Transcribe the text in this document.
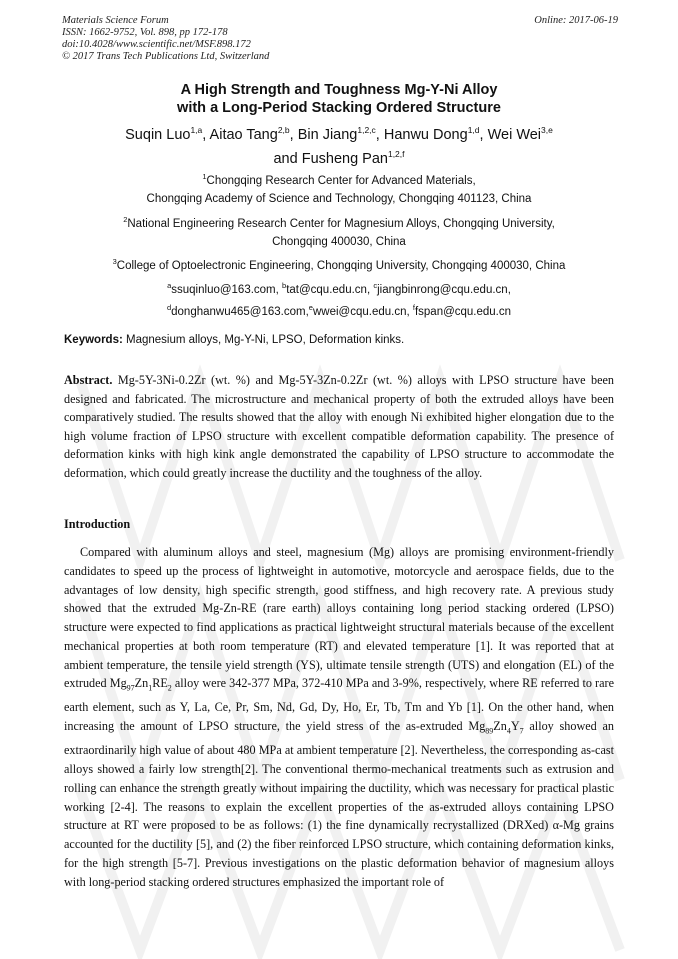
Materials Science Forum
ISSN: 1662-9752, Vol. 898, pp 172-178
doi:10.4028/www.scientific.net/MSF.898.172
© 2017 Trans Tech Publications Ltd, Switzerland
Online: 2017-06-19
A High Strength and Toughness Mg-Y-Ni Alloy
with a Long-Period Stacking Ordered Structure
Suqin Luo$^{1,a}$, Aitao Tang$^{2,b}$, Bin Jiang$^{1,2,c}$, Hanwu Dong$^{1,d}$, Wei Wei$^{3,e}$
and Fusheng Pan$^{1,2,f}$
$^1$Chongqing Research Center for Advanced Materials,
Chongqing Academy of Science and Technology, Chongqing 401123, China
$^2$National Engineering Research Center for Magnesium Alloys, Chongqing University,
Chongqing 400030, China
$^3$College of Optoelectronic Engineering, Chongqing University, Chongqing 400030, China
$^a$ssuqinluo@163.com, $^b$tat@cqu.edu.cn, $^c$jiangbinrong@cqu.edu.cn,
$^d$donghanwu465@163.com,$^e$wwei@cqu.edu.cn, $^f$fspan@cqu.edu.cn
Keywords: Magnesium alloys, Mg-Y-Ni, LPSO, Deformation kinks.
Abstract. Mg-5Y-3Ni-0.2Zr (wt. %) and Mg-5Y-3Zn-0.2Zr (wt. %) alloys with LPSO structure have been designed and fabricated. The microstructure and mechanical property of both the extruded alloys have been comparatively studied. The results showed that the alloy with enough Ni exhibited higher elongation due to the high volume fraction of LPSO structure with excellent compatible deformation capability. The presence of deformation kinks with high kink angle demonstrated the capability of LPSO structure to accommodate the deformation, which could greatly increase the ductility and the toughness of the alloy.
Introduction
Compared with aluminum alloys and steel, magnesium (Mg) alloys are promising environment-friendly candidates to speed up the process of lightweight in automotive, motorcycle and aerospace fields, due to the advantages of low density, high specific strength, good stiffness, and high recovery rate. A previous study showed that the extruded Mg-Zn-RE (rare earth) alloys containing long period stacking ordered (LPSO) structure were expected to find applications as practical lightweight structural materials because of the excellent mechanical properties at both room temperature (RT) and elevated temperature [1]. It was reported that at ambient temperature, the tensile yield strength (YS), ultimate tensile strength (UTS) and elongation (EL) of the extruded $Mg_{97}Zn_1RE_2$ alloy were 342-377 MPa, 372-410 MPa and 3-9%, respectively, where RE referred to rare earth element, such as Y, La, Ce, Pr, Sm, Nd, Gd, Dy, Ho, Er, Tb, Tm and Yb [1]. On the other hand, when increasing the amount of LPSO structure, the yield stress of the as-extruded $Mg_{89}Zn_4Y_7$ alloy showed an extraordinarily high value of about 480 MPa at ambient temperature [2]. Nevertheless, the corresponding as-cast alloys showed a fairly low strength[2]. The conventional thermo-mechanical treatments such as extrusion and rolling can enhance the strength greatly without impairing the ductility, which was necessary for practical plastic working [2-4]. The reasons to explain the excellent properties of the as-extruded alloys containing LPSO structure at RT were proposed to be as follows: (1) the fine dynamically recrystallized (DRXed) α-Mg grains accounted for the ductility [5], and (2) the fiber reinforced LPSO structure, which containing deformation kinks, for the high strength [5-7]. Previous investigations on the plastic deformation behavior of magnesium alloys with long-period stacking ordered structures emphasized the important role of
